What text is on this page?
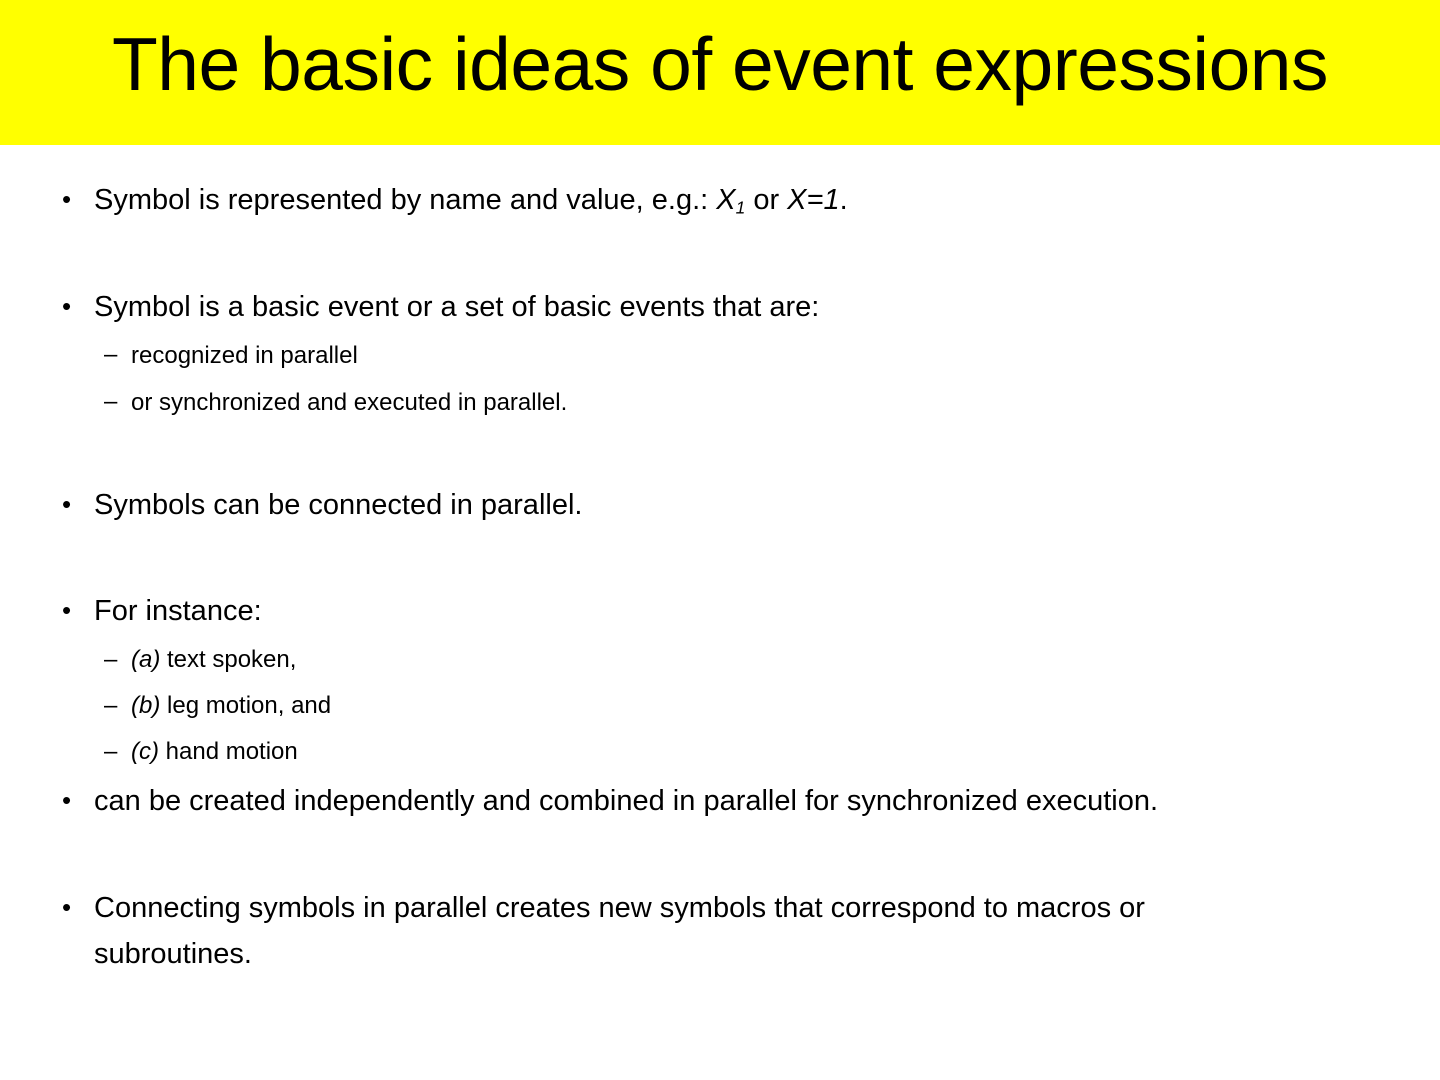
The basic ideas of event expressions
• Symbol is represented by name and value, e.g.: $X_1$ or X=1.
• Symbol is a basic event or a set of basic events that are:
– recognized in parallel
– or synchronized and executed in parallel.
• Symbols can be connected in parallel.
• For instance:
– (a) text spoken,
– (b) leg motion, and
– (c) hand motion
• can be created independently and combined in parallel for synchronized execution.
• Connecting symbols in parallel creates new symbols that correspond to macros or
subroutines.
